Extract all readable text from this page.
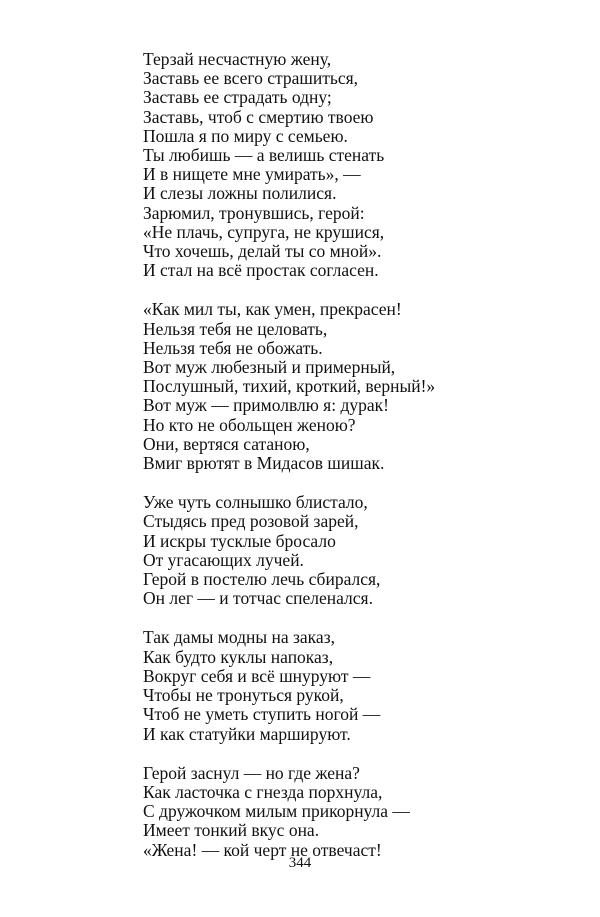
Терзай несчастную жену,
Заставь ее всего страшиться,
Заставь ее страдать одну;
Заставь, чтоб с смертию твоею
Пошла я по миру с семьею.
Ты любишь — а велишь стенать
И в нищете мне умирать», —
И слезы ложны полилися.
Зарюмил, тронувшись, герой:
«Не плачь, супруга, не крушися,
Что хочешь, делай ты со мной».
И стал на всё простак согласен.
«Как мил ты, как умен, прекрасен!
Нельзя тебя не целовать,
Нельзя тебя не обожать.
Вот муж любезный и примерный,
Послушный, тихий, кроткий, верный!»
Вот муж — примолвлю я: дурак!
Но кто не обольщен женою?
Они, вертяся сатаною,
Вмиг врютят в Мидасов шишак.
Уже чуть солнышко блистало,
Стыдясь пред розовой зарей,
И искры тусклые бросало
От угасающих лучей.
Герой в постелю лечь сбирался,
Он лег — и тотчас спеленался.
Так дамы модны на заказ,
Как будто куклы напоказ,
Вокруг себя и всё шнуруют —
Чтобы не тронуться рукой,
Чтоб не уметь ступить ногой —
И как статуйки маршируют.
Герой заснул — но где жена?
Как ласточка с гнезда порхнула,
С дружочком милым прикорнула —
Имеет тонкий вкус она.
«Жена! — кой черт не отвечаст!
344
